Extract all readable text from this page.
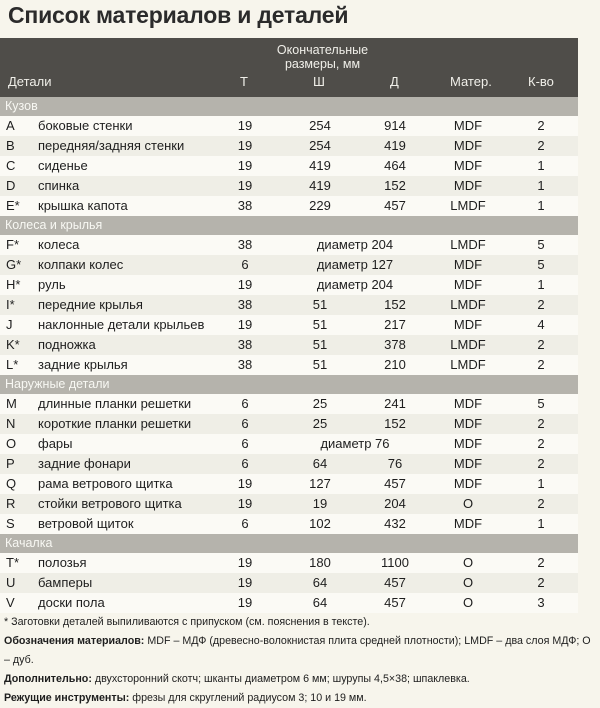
Список материалов и деталей
Окончательные
размеры, мм
Детали	Т	Ш	Д	Матер.	К-во
Кузов
A	боковые стенки	19	254	914	MDF	2
B	передняя/задняя стенки	19	254	419	MDF	2
C	сиденье	19	419	464	MDF	1
D	спинка	19	419	152	MDF	1
E*	крышка капота	38	229	457	LMDF	1
Колеса и крылья
F*	колеса	38	диаметр 204	LMDF	5
G*	колпаки колес	6	диаметр 127	MDF	5
H*	руль	19	диаметр 204	MDF	1
I*	передние крылья	38	51	152	LMDF	2
J	наклонные детали крыльев	19	51	217	MDF	4
K*	подножка	38	51	378	LMDF	2
L*	задние крылья	38	51	210	LMDF	2
Наружные детали
M	длинные планки решетки	6	25	241	MDF	5
N	короткие планки решетки	6	25	152	MDF	2
O	фары	6	диаметр 76	MDF	2
P	задние фонари	6	64	76	MDF	2
Q	рама ветрового щитка	19	127	457	MDF	1
R	стойки ветрового щитка	19	19	204	O	2
S	ветровой щиток	6	102	432	MDF	1
Качалка
T*	полозья	19	180	1100	O	2
U	бамперы	19	64	457	O	2
V	доски пола	19	64	457	O	3
* Заготовки деталей выпиливаются с припуском (см. пояснения в тексте).
Обозначения материалов: MDF – МДФ (древесно-волокнистая плита средней плотности); LMDF – два слоя МДФ; O – дуб.
Дополнительно: двухсторонний скотч; шканты диаметром 6 мм; шурупы 4,5×38; шпаклевка.
Режущие инструменты: фрезы для скруглений радиусом 3; 10 и 19 мм.
